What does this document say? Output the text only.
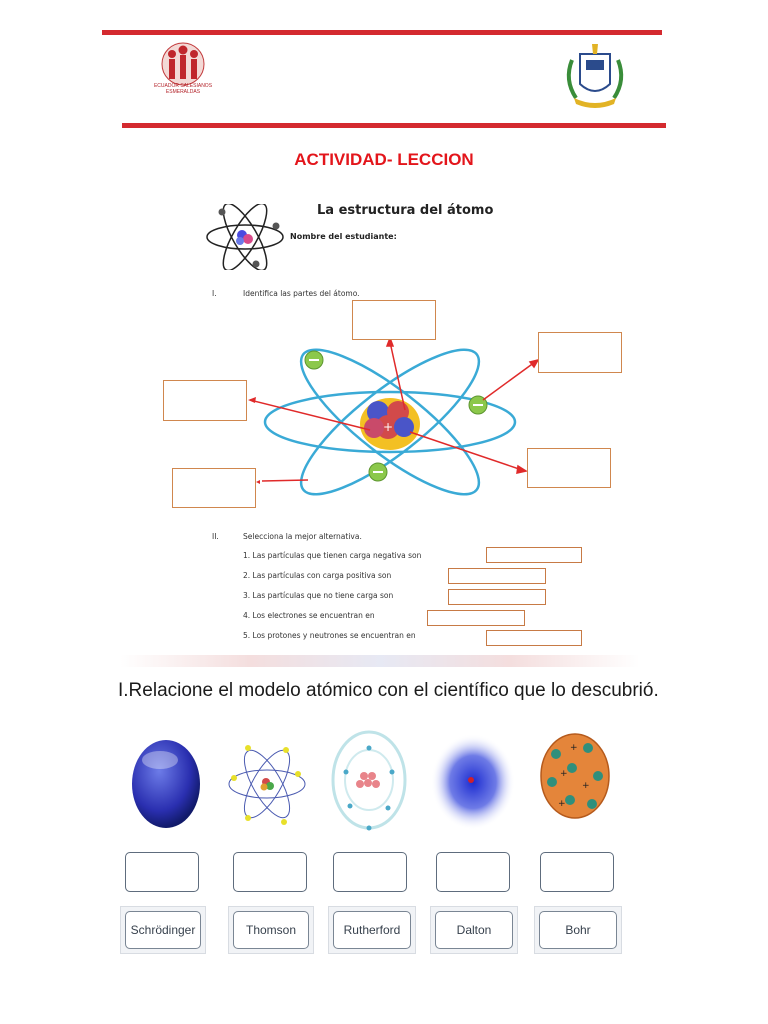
ECUADOR SALESIANOS ESMERALDAS
ACTIVIDAD- LECCION
La estructura del átomo
Nombre del estudiante:
I.	Identifica las partes del átomo.
+
II.	Selecciona la mejor alternativa.
1. Las partículas que tienen carga negativa son
2. Las partículas con carga positiva son
3. Las partículas que no tiene carga son
4. Los electrones se encuentran en
5. Los protones y neutrones se encuentran en
I.Relacione el modelo atómico con el científico que lo descubrió.
+
+
+
+
Schrödinger	Thomson	Rutherford	Dalton	Bohr
